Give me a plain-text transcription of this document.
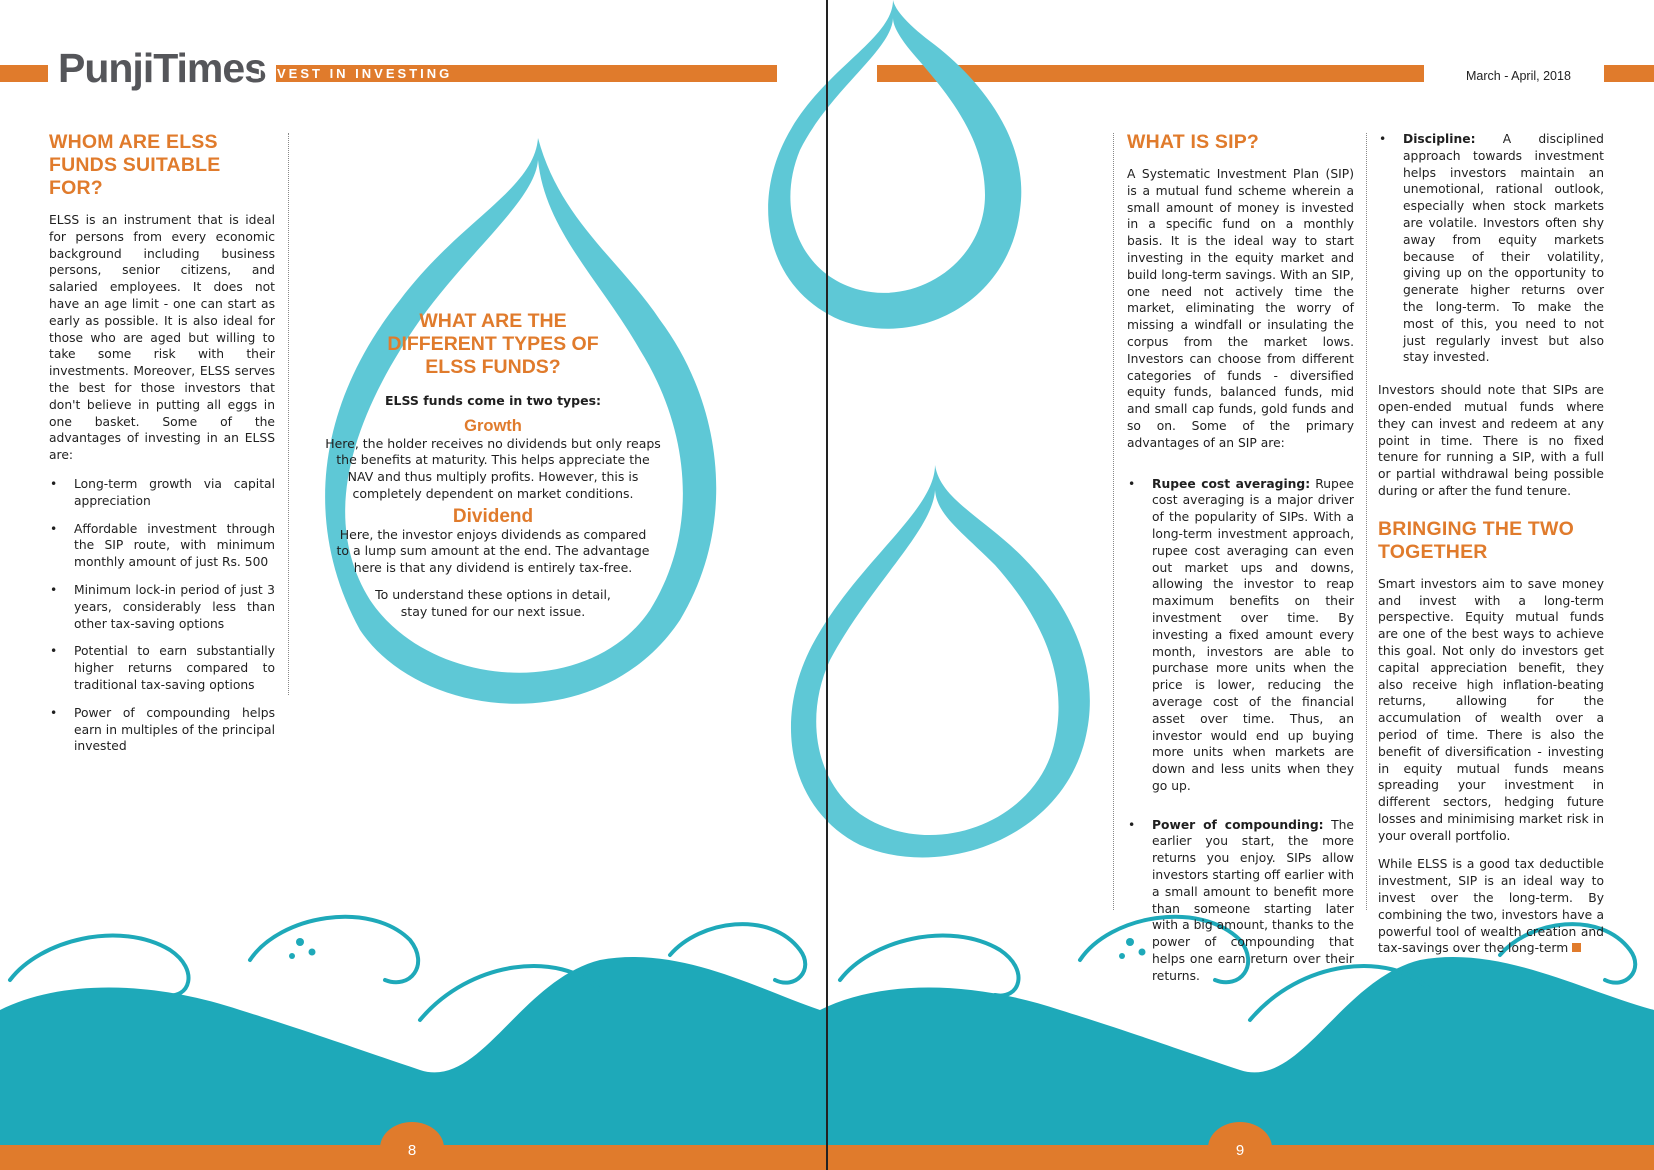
PunjiTimes
INVEST IN INVESTING	March - April, 2018
WHOM ARE ELSS FUNDS SUITABLE FOR?

ELSS is an instrument that is ideal for persons from every economic background including business persons, senior citizens, and salaried employees. It does not have an age limit - one can start as early as possible. It is also ideal for those who are aged but willing to take some risk with their investments. Moreover, ELSS serves the best for those investors that don't believe in putting all eggs in one basket. Some of the advantages of investing in an ELSS are:

• Long-term growth via capital appreciation
• Affordable investment through the SIP route, with minimum monthly amount of just Rs. 500
• Minimum lock-in period of just 3 years, considerably less than other tax-saving options
• Potential to earn substantially higher returns compared to traditional tax-saving options
• Power of compounding helps earn in multiples of the principal invested
WHAT ARE THE DIFFERENT TYPES OF ELSS FUNDS?
ELSS funds come in two types:
Growth

Here, the holder receives no dividends but only reaps the benefits at maturity. This helps appreciate the NAV and thus multiply profits. However, this is completely dependent on market conditions.

Dividend

Here, the investor enjoys dividends as compared to a lump sum amount at the end. The advantage here is that any dividend is entirely tax-free.

To understand these options in detail, stay tuned for our next issue.

WHAT IS SIP?

A Systematic Investment Plan (SIP) is a mutual fund scheme wherein a small amount of money is invested in a specific fund on a monthly basis. It is the ideal way to start investing in the equity market and build long-term savings. With an SIP, one need not actively time the market, eliminating the worry of missing a windfall or insulating the corpus from the market lows. Investors can choose from different categories of funds - diversified equity funds, balanced funds, mid and small cap funds, gold funds and so on. Some of the primary advantages of an SIP are:

• Rupee cost averaging: Rupee cost averaging is a major driver of the popularity of SIPs. With a long-term investment approach, rupee cost averaging can even out market ups and downs, allowing the investor to reap maximum benefits on their investment over time. By investing a fixed amount every month, investors are able to purchase more units when the price is lower, reducing the average cost of the financial asset over time. Thus, an investor would end up buying more units when markets are down and less units when they go up.
• Power of compounding: The earlier you start, the more returns you enjoy. SIPs allow investors starting off earlier with a small amount to benefit more than someone starting later with a big amount, thanks to the power of compounding that helps one earn return over their returns.
• Discipline: A disciplined approach towards investment helps investors maintain an unemotional, rational outlook, especially when stock markets are volatile. Investors often shy away from equity markets because of their volatility, giving up on the opportunity to generate higher returns over the long-term. To make the most of this, you need to not just regularly invest but also stay invested.

Investors should note that SIPs are open-ended mutual funds where they can invest and redeem at any point in time. There is no fixed tenure for running a SIP, with a full or partial withdrawal being possible during or after the fund tenure.

BRINGING THE TWO TOGETHER

Smart investors aim to save money and invest with a long-term perspective. Equity mutual funds are one of the best ways to achieve this goal. Not only do investors get capital appreciation benefit, they also receive high inflation-beating returns, allowing for the accumulation of wealth over a period of time. There is also the benefit of diversification - investing in equity mutual funds means spreading your investment in different sectors, hedging future losses and minimising market risk in your overall portfolio.

While ELSS is a good tax deductible investment, SIP is an ideal way to invest over the long-term. By combining the two, investors have a powerful tool of wealth creation and tax-savings over the long-term

8	9
